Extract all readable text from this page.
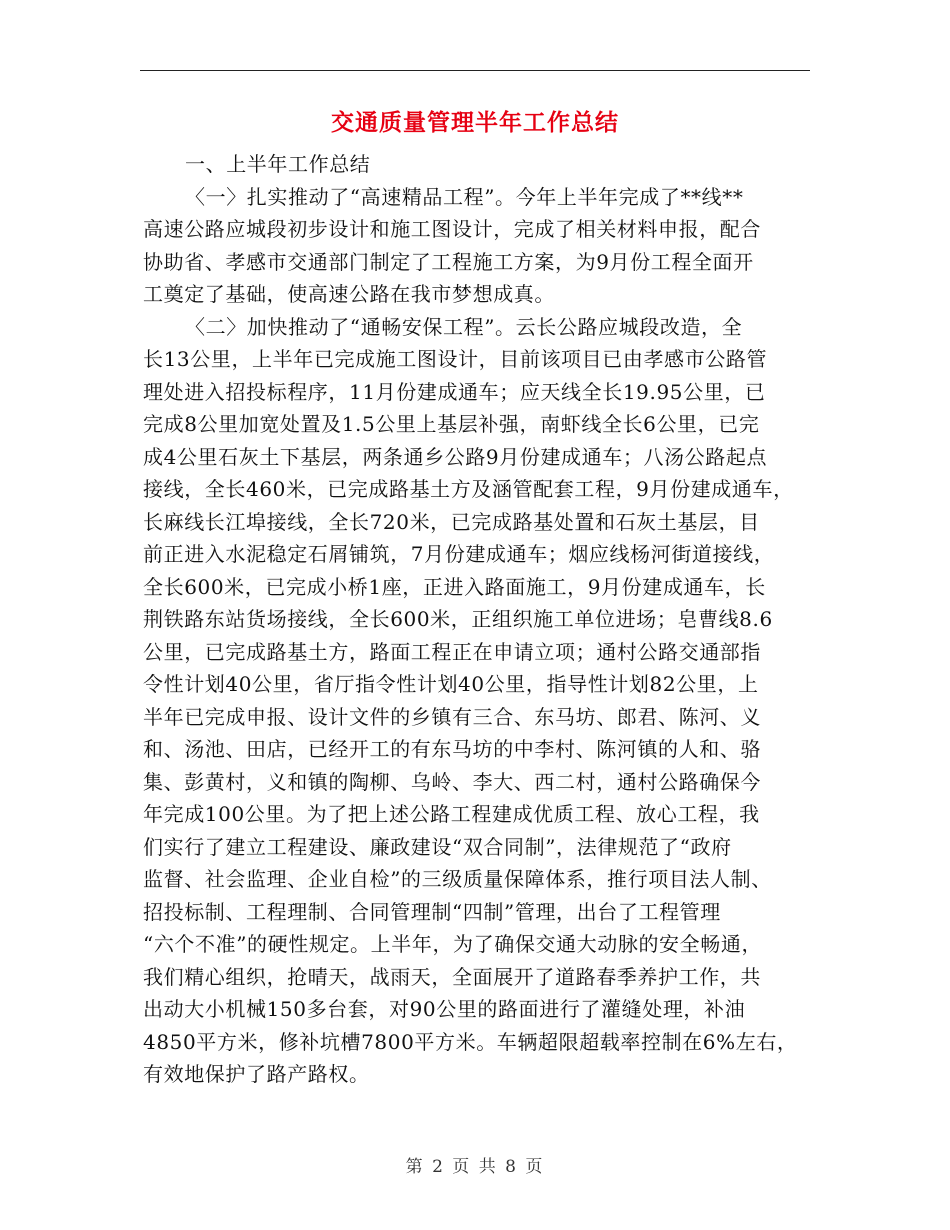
交通质量管理半年工作总结
一、上半年工作总结
〈一〉扎实推动了“高速精品工程”。今年上半年完成了**线**
高速公路应城段初步设计和施工图设计，完成了相关材料申报，配合
协助省、孝感市交通部门制定了工程施工方案，为9月份工程全面开
工奠定了基础，使高速公路在我市梦想成真。
〈二〉加快推动了“通畅安保工程”。云长公路应城段改造，全
长13公里，上半年已完成施工图设计，目前该项目已由孝感市公路管
理处进入招投标程序，11月份建成通车；应天线全长19.95公里，已
完成8公里加宽处置及1.5公里上基层补强，南虾线全长6公里，已完
成4公里石灰土下基层，两条通乡公路9月份建成通车；八汤公路起点
接线，全长460米，已完成路基土方及涵管配套工程，9月份建成通车，
长麻线长江埠接线，全长720米，已完成路基处置和石灰土基层，目
前正进入水泥稳定石屑铺筑，7月份建成通车；烟应线杨河街道接线，
全长600米，已完成小桥1座，正进入路面施工，9月份建成通车，长
荆铁路东站货场接线，全长600米，正组织施工单位进场；皂曹线8.6
公里，已完成路基土方，路面工程正在申请立项；通村公路交通部指
令性计划40公里，省厅指令性计划40公里，指导性计划82公里，上
半年已完成申报、设计文件的乡镇有三合、东马坊、郎君、陈河、义
和、汤池、田店，已经开工的有东马坊的中李村、陈河镇的人和、骆
集、彭黄村，义和镇的陶柳、乌岭、李大、西二村，通村公路确保今
年完成100公里。为了把上述公路工程建成优质工程、放心工程，我
们实行了建立工程建设、廉政建设“双合同制”，法律规范了“政府
监督、社会监理、企业自检”的三级质量保障体系，推行项目法人制、
招投标制、工程理制、合同管理制“四制”管理，出台了工程管理
“六个不准”的硬性规定。上半年，为了确保交通大动脉的安全畅通，
我们精心组织，抢晴天，战雨天，全面展开了道路春季养护工作，共
出动大小机械150多台套，对90公里的路面进行了灌缝处理，补油
4850平方米，修补坑槽7800平方米。车辆超限超载率控制在6%左右，
有效地保护了路产路权。
第 2 页 共 8 页
